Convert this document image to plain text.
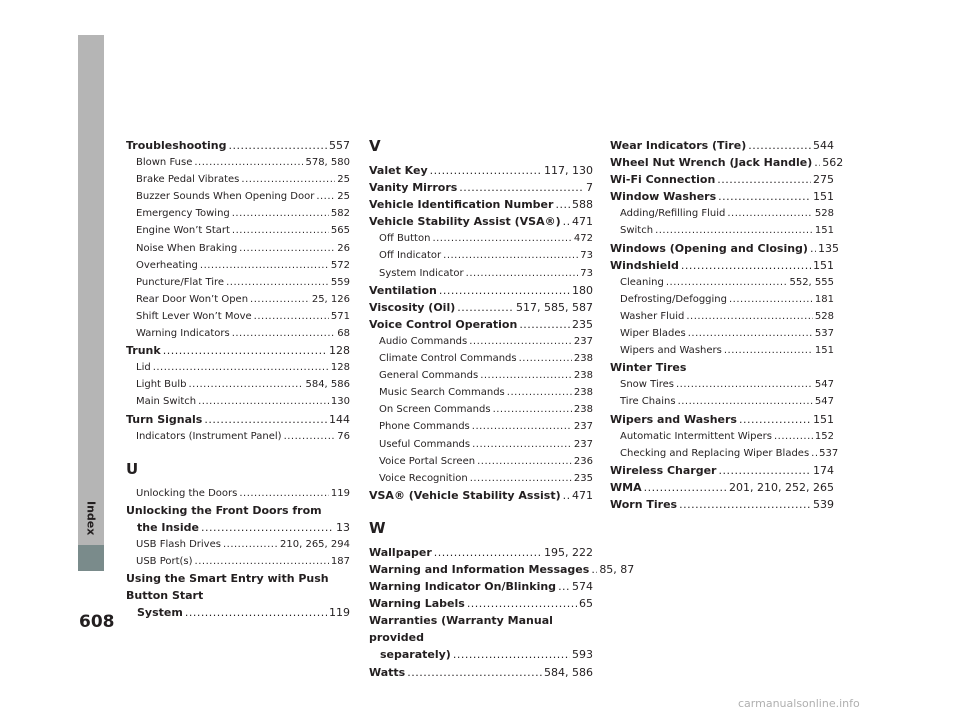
Index
608
Troubleshooting .....	557
Blown Fuse .....	578, 580
Brake Pedal Vibrates .....	25
Buzzer Sounds When Opening Door ..... 25
Emergency Towing .....	582
Engine Won’t Start .....	565
Noise When Braking .....	26
Overheating .....	572
Puncture/Flat Tire .....	559
Rear Door Won’t Open .....	25, 126
Shift Lever Won’t Move .....	571
Warning Indicators .....	68
Trunk .....	128
Lid .....	128
Light Bulb .....	584, 586
Main Switch .....	130
Turn Signals .....	144
Indicators (Instrument Panel) .....	76
U
Unlocking the Doors .....	119
Unlocking the Front Doors from
the Inside .....	13
USB Flash Drives .....	210, 265, 294
USB Port(s) .....	187
Using the Smart Entry with Push Button Start
System .....	119
V
Valet Key .....	117, 130
Vanity Mirrors .....	7
Vehicle Identification Number ..... 588
Vehicle Stability Assist (VSA®) ..... 471
Off Button .....	472
Off Indicator .....	73
System Indicator .....	73
Ventilation .....	180
Viscosity (Oil) .....	517, 585, 587
Voice Control Operation .....	235
Audio Commands .....	237
Climate Control Commands .....	238
General Commands .....	238
Music Search Commands .....	238
On Screen Commands .....	238
Phone Commands .....	237
Useful Commands .....	237
Voice Portal Screen .....	236
Voice Recognition .....	235
VSA® (Vehicle Stability Assist) ..... 471
W
Wallpaper .....	195, 222
Warning and Information Messages ..... 85, 87
Warning Indicator On/Blinking ..... 574
Warning Labels .....	65
Warranties (Warranty Manual provided
separately) .....	593
Watts .....	584, 586
Wear Indicators (Tire) .....	544
Wheel Nut Wrench (Jack Handle) ..... 562
Wi-Fi Connection .....	275
Window Washers .....	151
Adding/Refilling Fluid .....	528
Switch .....	151
Windows (Opening and Closing) ..... 135
Windshield .....	151
Cleaning .....	552, 555
Defrosting/Defogging .....	181
Washer Fluid .....	528
Wiper Blades .....	537
Wipers and Washers .....	151
Winter Tires
Snow Tires .....	547
Tire Chains .....	547
Wipers and Washers .....	151
Automatic Intermittent Wipers .....	152
Checking and Replacing Wiper Blades ..... 537
Wireless Charger .....	174
WMA .....	201, 210, 252, 265
Worn Tires .....	539
carmanualsonline.info
